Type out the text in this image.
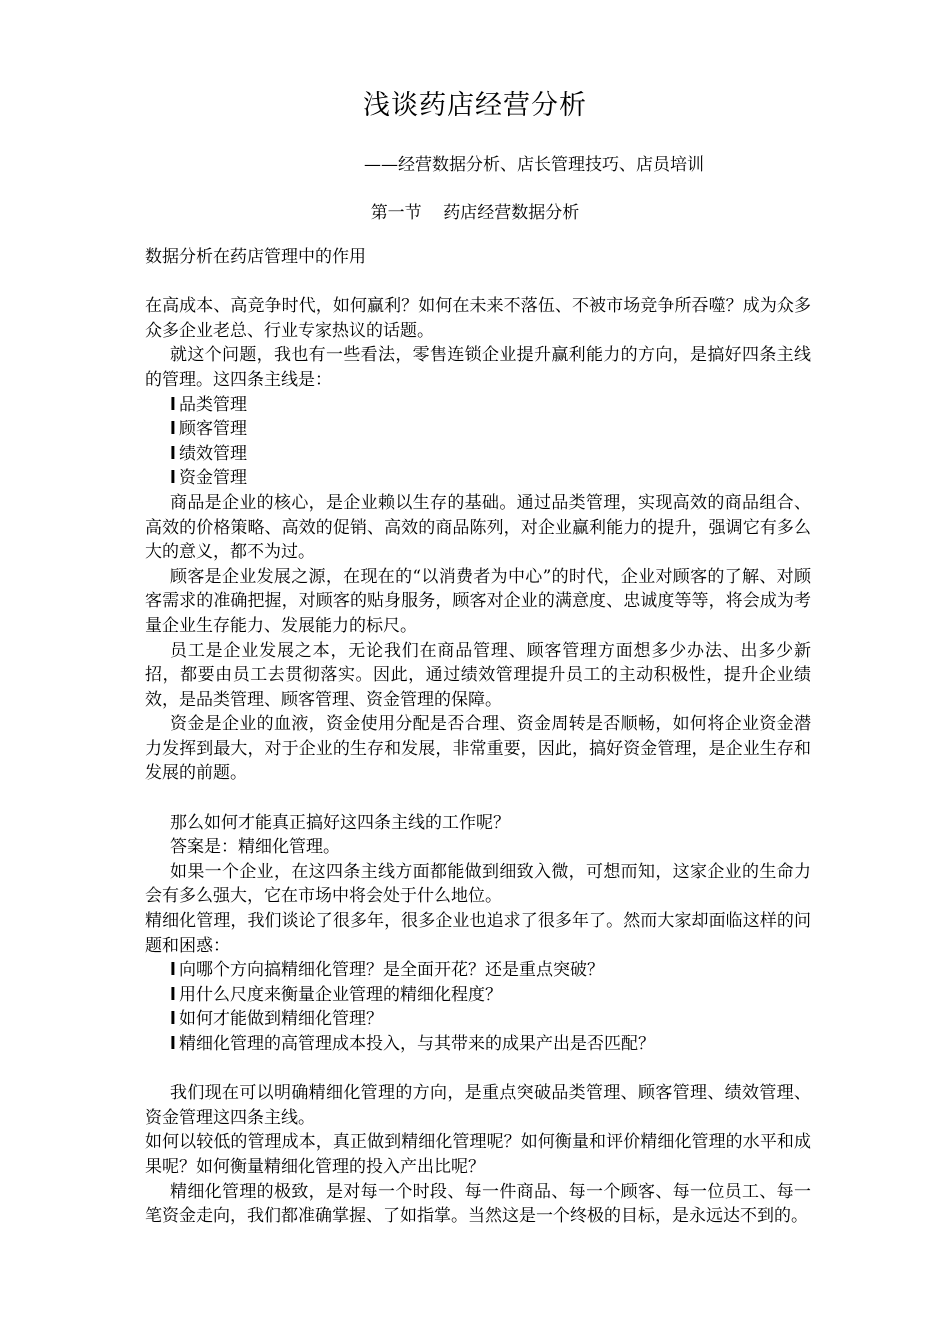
浅谈药店经营分析
——经营数据分析、店长管理技巧、店员培训
第一节    药店经营数据分析

数据分析在药店管理中的作用

在高成本、高竞争时代，如何赢利？如何在未来不落伍、不被市场竞争所吞噬？成为众多众多企业老总、行业专家热议的话题。

就这个问题，我也有一些看法，零售连锁企业提升赢利能力的方向，是搞好四条主线的管理。这四条主线是：

l 品类管理

l 顾客管理

l 绩效管理

l 资金管理

商品是企业的核心，是企业赖以生存的基础。通过品类管理，实现高效的商品组合、高效的价格策略、高效的促销、高效的商品陈列，对企业赢利能力的提升，强调它有多么大的意义，都不为过。

顾客是企业发展之源，在现在的“以消费者为中心”的时代，企业对顾客的了解、对顾客需求的准确把握，对顾客的贴身服务，顾客对企业的满意度、忠诚度等等，将会成为考量企业生存能力、发展能力的标尺。

员工是企业发展之本，无论我们在商品管理、顾客管理方面想多少办法、出多少新招，都要由员工去贯彻落实。因此，通过绩效管理提升员工的主动积极性，提升企业绩效，是品类管理、顾客管理、资金管理的保障。

资金是企业的血液，资金使用分配是否合理、资金周转是否顺畅，如何将企业资金潜力发挥到最大，对于企业的生存和发展，非常重要，因此，搞好资金管理，是企业生存和发展的前题。

那么如何才能真正搞好这四条主线的工作呢？

答案是：精细化管理。

如果一个企业，在这四条主线方面都能做到细致入微，可想而知，这家企业的生命力会有多么强大，它在市场中将会处于什么地位。

精细化管理，我们谈论了很多年，很多企业也追求了很多年了。然而大家却面临这样的问题和困惑：

l 向哪个方向搞精细化管理？是全面开花？还是重点突破？

l 用什么尺度来衡量企业管理的精细化程度？

l 如何才能做到精细化管理？

l 精细化管理的高管理成本投入，与其带来的成果产出是否匹配？

我们现在可以明确精细化管理的方向，是重点突破品类管理、顾客管理、绩效管理、资金管理这四条主线。

如何以较低的管理成本，真正做到精细化管理呢？如何衡量和评价精细化管理的水平和成果呢？如何衡量精细化管理的投入产出比呢？

精细化管理的极致，是对每一个时段、每一件商品、每一个顾客、每一位员工、每一笔资金走向，我们都准确掌握、了如指掌。当然这是一个终极的目标，是永远达不到的。
